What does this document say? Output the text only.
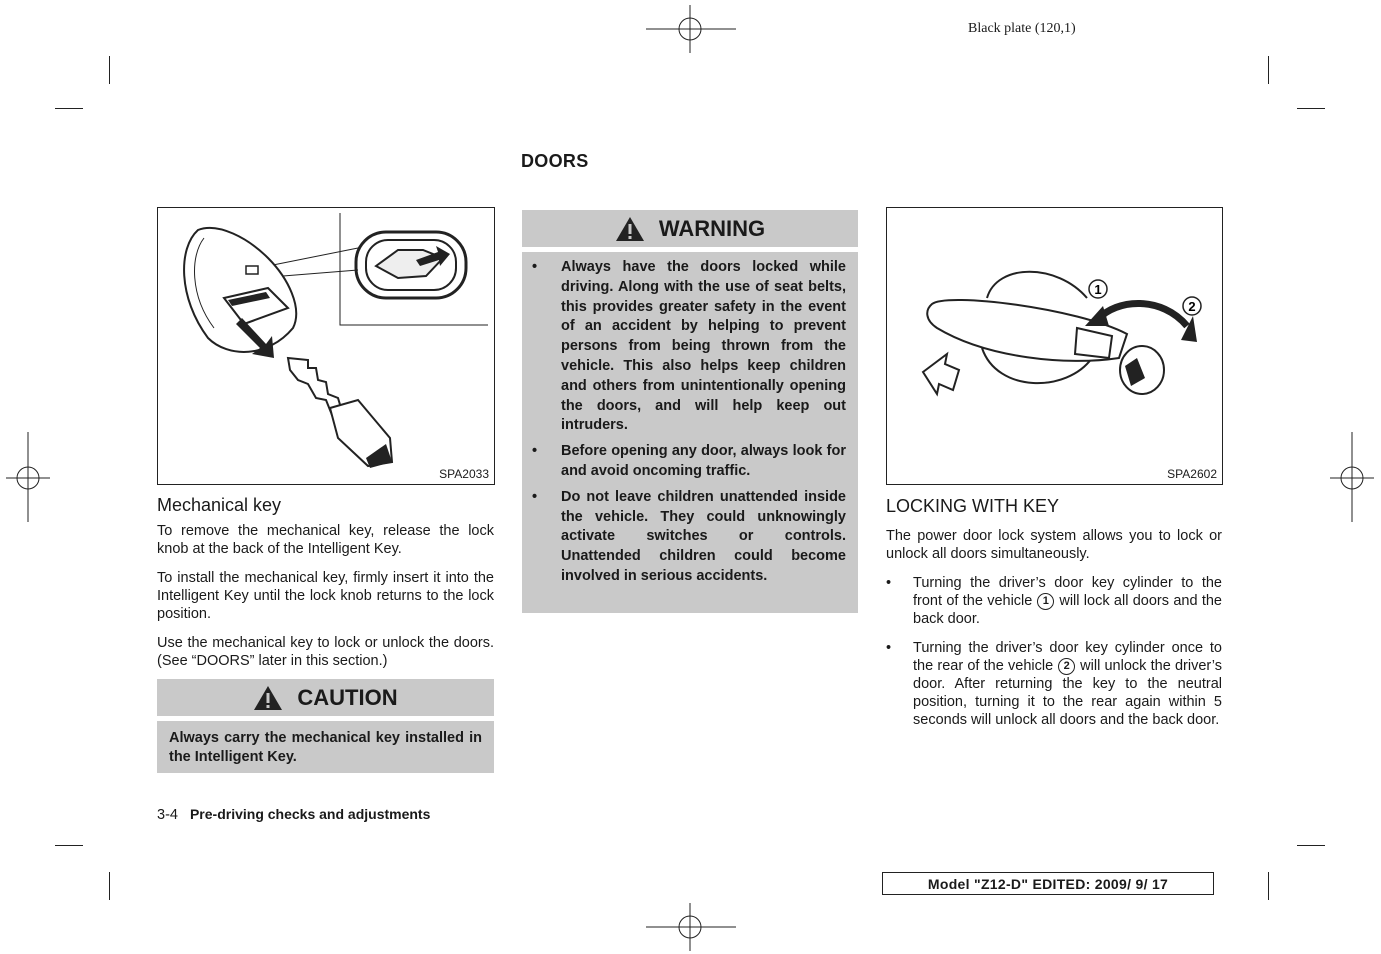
Black plate (120,1)
DOORS
SPA2033
Mechanical key

To remove the mechanical key, release the lock knob at the back of the Intelligent Key.

To install the mechanical key, firmly insert it into the Intelligent Key until the lock knob returns to the lock position.

Use the mechanical key to lock or unlock the doors. (See “DOORS” later in this section.)

CAUTION
Always carry the mechanical key installed in the Intelligent Key.
WARNING
• Always have the doors locked while driving. Along with the use of seat belts, this provides greater safety in the event of an accident by helping to prevent persons from being thrown from the vehicle. This also helps keep children and others from unintentionally opening the doors, and will help keep out intruders.
• Before opening any door, always look for and avoid oncoming traffic.
• Do not leave children unattended inside the vehicle. They could unknowingly activate switches or controls. Unattended children could become involved in serious accidents.
1
2
SPA2602
LOCKING WITH KEY
The power door lock system allows you to lock or unlock all doors simultaneously.
• Turning the driver’s door key cylinder to the front of the vehicle 1 will lock all doors and the back door.
• Turning the driver’s door key cylinder once to the rear of the vehicle 2 will unlock the driver’s door. After returning the key to the neutral position, turning it to the rear again within 5 seconds will unlock all doors and the back door.
3-4 Pre-driving checks and adjustments
Model "Z12-D" EDITED: 2009/ 9/ 17
